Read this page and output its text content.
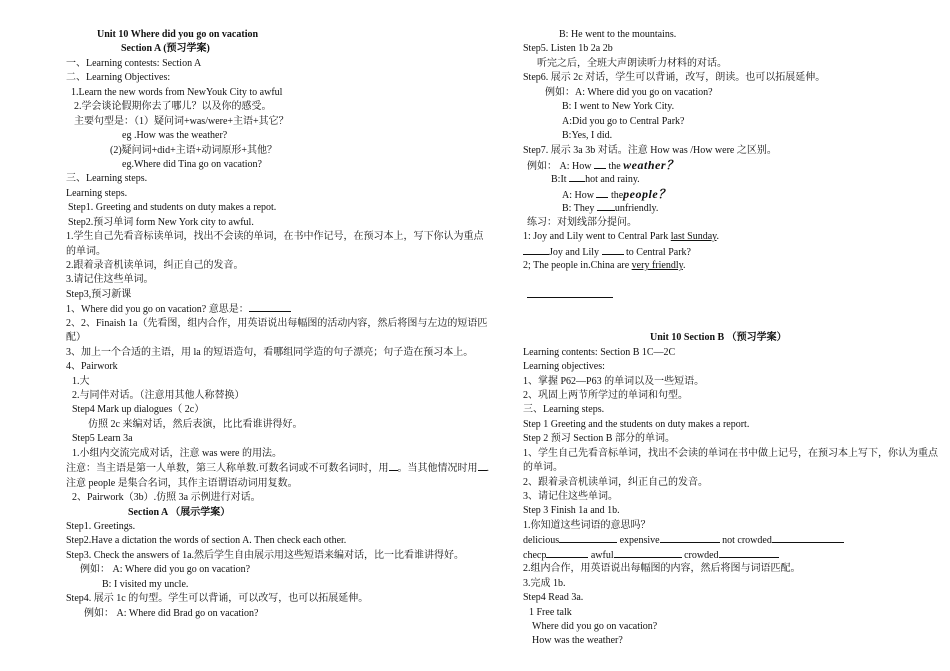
Unit 10 Where did you go on vacation
Section A (预习学案)
一、Learning contests: Section A
二、Learning Objectives:
1.Learn the new words from NewYouk City to awful
2.学会谈论假期你去了哪儿？以及你的感受。
主要句型是：（1）疑问词+was/were+主语+其它？
eg .How was the weather?
(2)疑问词+did+主语+动词原形+其他？
eg.Where did Tina go on vacation?
三、Learning steps.
Learning steps.
Step1. Greeting and students on duty makes a repot.
Step2.预习单词 form New York city to awful.
1.学生自己先看音标读单词，找出不会读的单词，在书中作记号，在预习本上，写下你认为重点的单词。
2.跟着录音机读单词，纠正自己的发音。
3.请记住这些单词。
Step3,预习新课
1、Where did you go on vacation? 意思是：
2、2、Finaish 1a（先看图，组内合作，用英语说出每幅图的活动内容，然后将图与左边的短语匹配）
3、加上一个合适的主语，用 la 的短语造句，看哪组同学造的句子漂亮；句子造在预习本上。
4、Pairwork
1.大
2.与同伴对话。（注意用其他人称替换）
Step4 Mark up dialogues（ 2c）
仿照 2c 来编对话，然后表演，比比看谁讲得好。
Step5 Learn 3a
1.小组内交流完成对话，注意 was were 的用法。
注意：当主语是第一人单数，第三人称单数.可数名词或不可数名词时，用 。当其他情况时用 .注意 people 是集合名词，其作主语谓语动词用复数。
2、Pairwork（3b）.仿照 3a 示例进行对话。
Section A （展示学案）
Step1. Greetings.
Step2.Have a dictation the words of section A. Then check each other.
Step3. Check the answers of 1a.然后学生自由展示用这些短语来编对话，比一比看谁讲得好。
例如： A: Where did you go on vacation?
B: I visited my uncle.
Step4. 展示 1c 的句型。学生可以背诵，可以改写，也可以拓展延伸。
例如： A: Where did Brad go on vacation?
B: He went to the mountains.
Step5. Listen 1b 2a 2b
听完之后，全班大声朗读听力材料的对话。
Step6. 展示 2c 对话，学生可以背诵，改写，朗读。也可以拓展延伸。
例如：A: Where did you go on vacation?
B: I went to New York City.
A:Did you go to Central Park?
B:Yes, I did.
Step7. 展示 3a 3b 对话。注意 How was /How were 之区别。
例如： A: How the weather？
B:It hot and rainy.
A: How thepeople？
B: They unfriendly.
练习：对划线部分提问。
1: Joy and Lily went to Central Park last Sunday.
Joy and Lily	to Central Park?
2; The people in.China are very friendly.
Unit 10 Section B （预习学案）
Learning contents: Section B 1C—2C
Learning objectives:
1、掌握 P62—P63 的单词以及一些短语。
2、巩固上两节所学过的单词和句型。
三、Learning steps.
Step 1 Greeting and the students on duty makes a report.
Step 2 预习 Section B 部分的单词。
1、学生自己先看音标单词，找出不会读的单词在书中做上记号，在预习本上写下，你认为重点的单词。
2、跟着录音机读单词，纠正自己的发音。
3、请记住这些单词。
Step 3 Finish 1a and 1b.
1.你知道这些词语的意思吗？
delicious	expensive	not crowded
checp	awful	crowded
2.组内合作，用英语说出每幅图的内容，然后将图与词语匹配。
3.完成 1b.
Step4 Read 3a.
1 Free talk
Where did you go on vacation?
How was the weather?
